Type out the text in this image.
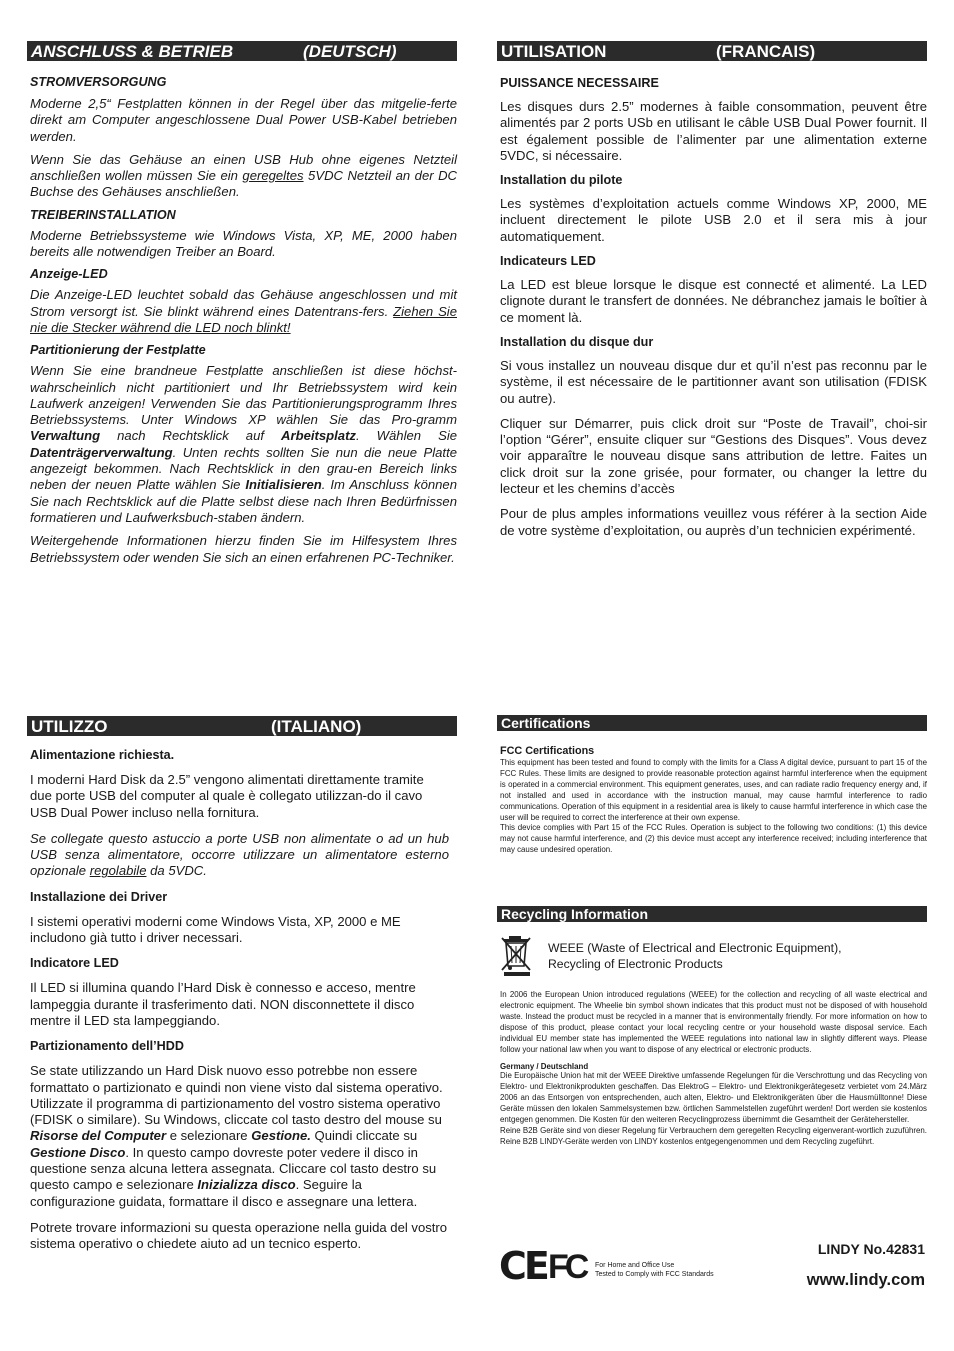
ANSCHLUSS & BETRIEB	(DEUTSCH)

STROMVERSORGUNG

Moderne 2,5“ Festplatten können in der Regel über das mitgelie-ferte direkt am Computer angeschlossene Dual Power USB-Kabel betrieben werden.

Wenn Sie das Gehäuse an einen USB Hub ohne eigenes Netzteil anschließen wollen müssen Sie ein geregeltes 5VDC Netzteil an der DC Buchse des Gehäuses anschließen.

TREIBERINSTALLATION

Moderne Betriebssysteme wie Windows Vista, XP, ME, 2000 haben bereits alle notwendigen Treiber an Board.

Anzeige-LED

Die Anzeige-LED leuchtet sobald das Gehäuse angeschlossen und mit Strom versorgt ist. Sie blinkt während eines Datentrans-fers. Ziehen Sie nie die Stecker während die LED noch blinkt!

Partitionierung der Festplatte

Wenn Sie eine brandneue Festplatte anschließen ist diese höchst-wahrscheinlich nicht partitioniert und Ihr Betriebssystem wird kein Laufwerk anzeigen! Verwenden Sie das Partitionierungsprogramm Ihres Betriebssystems. Unter Windows XP wählen Sie das Pro-gramm Verwaltung nach Rechtsklick auf Arbeitsplatz. Wählen Sie Datenträgerverwaltung. Unten rechts sollten Sie nun die neue Platte angezeigt bekommen. Nach Rechtsklick in den grau-en Bereich links neben der neuen Platte wählen Sie Initialisieren. Im Anschluss können Sie nach Rechtsklick auf die Platte selbst diese nach Ihren Bedürfnissen formatieren und Laufwerksbuch-staben ändern.

Weitergehende Informationen hierzu finden Sie im Hilfesystem Ihres Betriebssystem oder wenden Sie sich an einen erfahrenen PC-Techniker.

UTILISATION	(FRANCAIS)

PUISSANCE NECESSAIRE

Les disques durs 2.5” modernes à faible consommation, peuvent être alimentés par 2 ports USb en utilisant le câble USB Dual Power fournit. Il est également possible de l’alimenter par une alimentation externe 5VDC, si nécessaire.

Installation du pilote

Les systèmes d’exploitation actuels comme Windows XP, 2000, ME incluent directement le pilote USB 2.0 et il sera mis à jour automatiquement.

Indicateurs LED

La LED est bleue lorsque le disque est connecté et alimenté. La LED clignote durant le transfert de données. Ne débranchez jamais le boîtier à ce moment là.

Installation du disque dur

Si vous installez un nouveau disque dur et qu’il n’est pas reconnu par le système, il est nécessaire de le partitionner avant son utilisation (FDISK ou autre).

Cliquer sur Démarrer, puis click droit sur “Poste de Travail”, choi-sir l’option “Gérer”, ensuite cliquer sur “Gestions des Disques”. Vous devez voir apparaître le nouveau disque sans attribution de lettre. Faites un click droit sur la zone grisée, pour formater, ou changer la lettre du lecteur et les chemins d’accès

Pour de plus amples informations veuillez vous référer à la section Aide de votre système d’exploitation, ou auprès d’un technicien expérimenté.

UTILIZZO	(ITALIANO)

Alimentazione richiesta.

I moderni Hard Disk da 2.5” vengono alimentati direttamente tramite due porte USB del computer al quale è collegato utilizzan-do il cavo USB Dual Power incluso nella fornitura.

Se collegate questo astuccio a porte USB non alimentate o ad un hub USB senza alimentatore, occorre utilizzare un alimentatore esterno opzionale regolabile da 5VDC.

Installazione dei Driver

I sistemi operativi moderni come Windows Vista, XP, 2000 e ME includono già tutto i driver necessari.

Indicatore LED

Il LED si illumina quando l’Hard Disk è connesso e acceso, mentre lampeggia durante il trasferimento dati. NON disconnettete il disco mentre il LED sta lampeggiando.

Partizionamento dell’HDD

Se state utilizzando un Hard Disk nuovo esso potrebbe non essere formattato o partizionato e quindi non viene visto dal sistema operativo. Utilizzate il programma di partizionamento del vostro sistema operativo (FDISK o similare). Su Windows, cliccate col tasto destro del mouse su Risorse del Computer e selezionare Gestione. Quindi cliccate su Gestione Disco. In questo campo dovreste poter vedere il disco in questione senza alcuna lettera assegnata. Cliccare col tasto destro su questo campo e selezionare Inizializza disco. Seguire la configurazione guidata, formattare il disco e assegnare una lettera.

Potrete trovare informazioni su questa operazione nella guida del vostro sistema operativo o chiedete aiuto ad un tecnico esperto.

Certifications

FCC Certifications

This equipment has been tested and found to comply with the limits for a Class A digital device, pursuant to part 15 of the FCC Rules. These limits are designed to provide reasonable protection against harmful interference when the equipment is operated in a commercial environment. This equipment generates, uses, and can radiate radio frequency energy and, if not installed and used in accordance with the instruction manual, may cause harmful interference to radio communications. Operation of this equipment in a residential area is likely to cause harmful interference in which case the user will be required to correct the interference at their own expense.

This device complies with Part 15 of the FCC Rules. Operation is subject to the following two conditions: (1) this device may not cause harmful interference, and (2) this device must accept any interference received; including interference that may cause undesired operation.

Recycling Information
WEEE (Waste of Electrical and Electronic Equipment),
Recycling of Electronic Products

In 2006 the European Union introduced regulations (WEEE) for the collection and recycling of all waste electrical and electronic equipment. The Wheelie bin symbol shown indicates that this product must not be disposed of with household waste. Instead the product must be recycled in a manner that is environmentally friendly. For more information on how to dispose of this product, please contact your local recycling centre or your household waste disposal service. Each individual EU member state has implemented the WEEE regulations into national law in slightly different ways. Please follow your national law when you want to dispose of any electrical or electronic products.

Germany / Deutschland

Die Europäische Union hat mit der WEEE Direktive umfassende Regelungen für die Verschrottung und das Recycling von Elektro- und Elektronikprodukten geschaffen. Das ElektroG – Elektro- und Elektronikgerätegesetz verbietet vom 24.März 2006 an das Entsorgen von entsprechenden, auch alten, Elektro- und Elektronikgeräten über die Hausmülltonne! Diese Geräte müssen den lokalen Sammelsystemen bzw. örtlichen Sammelstellen zugeführt werden! Dort werden sie kostenlos entgegen genommen. Die Kosten für den weiteren Recyclingprozess übernimmt die Gesamtheit der Gerätehersteller.

Reine B2B Geräte sind von dieser Regelung für Verbrauchern dem geregelten Recycling eigenverant-wortlich zuzuführen. Reine B2B LINDY-Geräte werden von LINDY kostenlos entgegengenommen und dem Recycling zugeführt.

CE FC For Home and Office Use
Tested to Comply with FCC Standards
LINDY No.42831
www.lindy.com
